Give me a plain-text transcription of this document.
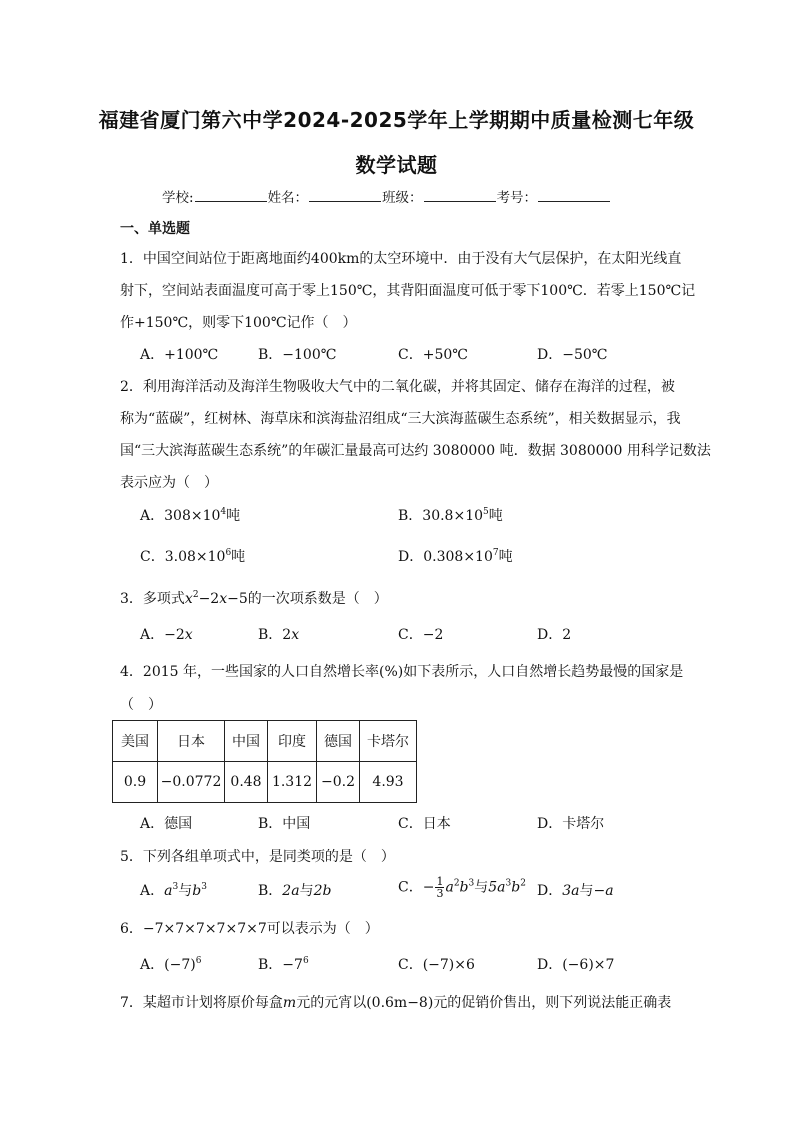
福建省厦门第六中学2024-2025学年上学期期中质量检测七年级
数学试题
学校:	姓名：	班级：	考号：
一、单选题
1．中国空间站位于距离地面约400km的太空环境中．由于没有大气层保护，在太阳光线直
射下，空间站表面温度可高于零上150℃，其背阳面温度可低于零下100℃．若零上150℃记
作+150℃，则零下100℃记作（　）
A．+100℃	B．−100℃	C．+50℃	D．−50℃
2．利用海洋活动及海洋生物吸收大气中的二氧化碳，并将其固定、储存在海洋的过程，被
称为“蓝碳”，红树林、海草床和滨海盐沼组成“三大滨海蓝碳生态系统”，相关数据显示，我
国“三大滨海蓝碳生态系统”的年碳汇量最高可达约 3080000 吨．数据 3080000 用科学记数法
表示应为（　）
A．$308\times 10^4$吨	B．$30.8\times 10^5$吨
C．$3.08\times 10^6$吨	D．$0.308\times 10^7$吨
3．多项式$x^2-2x-5$的一次项系数是（　）
A．−2x	B．2x	C．−2	D．2
4．2015 年，一些国家的人口自然增长率(%)如下表所示，人口自然增长趋势最慢的国家是
（　）
美国	日本	中国	印度	德国	卡塔尔
0.9	−0.0772	0.48	1.312	−0.2	4.93
A．德国	B．中国	C．日本	D．卡塔尔
5．下列各组单项式中，是同类项的是（　）
A．$a^3$与$b^3$	B．2a与2b	C．− $\frac{1}{3} a^2b^3$与$5a^3b^2$ D．3a与−a
6．−7×7×7×7×7×7可以表示为（　）
A．$(-7)^6$	B．$-7^6$	C．(−7)×6	D．(−6)×7
7．某超市计划将原价每盒m元的元宵以(0.6m−8)元的促销价售出，则下列说法能正确表
